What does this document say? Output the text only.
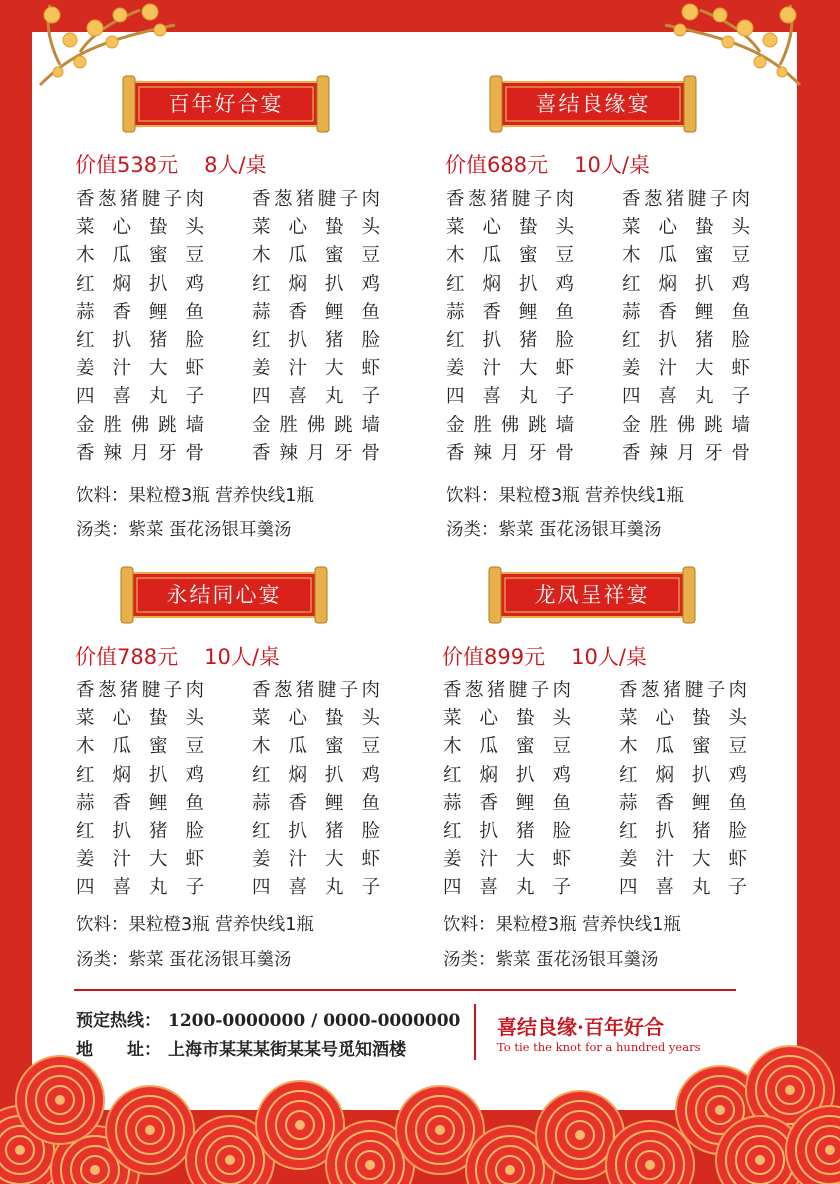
百年好合宴
价值538元 8人/桌
香葱猪腱子肉
菜心蛰头
木瓜蜜豆
红焖扒鸡
蒜香鲤鱼
红扒猪脸
姜汁大虾
四喜丸子
金胜佛跳墙
香辣月牙骨
香葱猪腱子肉
菜心蛰头
木瓜蜜豆
红焖扒鸡
蒜香鲤鱼
红扒猪脸
姜汁大虾
四喜丸子
金胜佛跳墙
香辣月牙骨
饮料：果粒橙3瓶 营养快线1瓶
汤类：紫菜 蛋花汤银耳羹汤
喜结良缘宴
价值688元 10人/桌
香葱猪腱子肉
菜心蛰头
木瓜蜜豆
红焖扒鸡
蒜香鲤鱼
红扒猪脸
姜汁大虾
四喜丸子
金胜佛跳墙
香辣月牙骨
香葱猪腱子肉
菜心蛰头
木瓜蜜豆
红焖扒鸡
蒜香鲤鱼
红扒猪脸
姜汁大虾
四喜丸子
金胜佛跳墙
香辣月牙骨
饮料：果粒橙3瓶 营养快线1瓶
汤类：紫菜 蛋花汤银耳羹汤
永结同心宴
价值788元 10人/桌
香葱猪腱子肉
菜心蛰头
木瓜蜜豆
红焖扒鸡
蒜香鲤鱼
红扒猪脸
姜汁大虾
四喜丸子
香葱猪腱子肉
菜心蛰头
木瓜蜜豆
红焖扒鸡
蒜香鲤鱼
红扒猪脸
姜汁大虾
四喜丸子
饮料：果粒橙3瓶 营养快线1瓶
汤类：紫菜 蛋花汤银耳羹汤
龙凤呈祥宴
价值899元 10人/桌
香葱猪腱子肉
菜心蛰头
木瓜蜜豆
红焖扒鸡
蒜香鲤鱼
红扒猪脸
姜汁大虾
四喜丸子
香葱猪腱子肉
菜心蛰头
木瓜蜜豆
红焖扒鸡
蒜香鲤鱼
红扒猪脸
姜汁大虾
四喜丸子
饮料：果粒橙3瓶 营养快线1瓶
汤类：紫菜 蛋花汤银耳羹汤
预定热线： 1200-0000000 / 0000-0000000
地　　址： 上海市某某某街某某号觅知酒楼
喜结良缘·百年好合
To tie the knot for a hundred years
